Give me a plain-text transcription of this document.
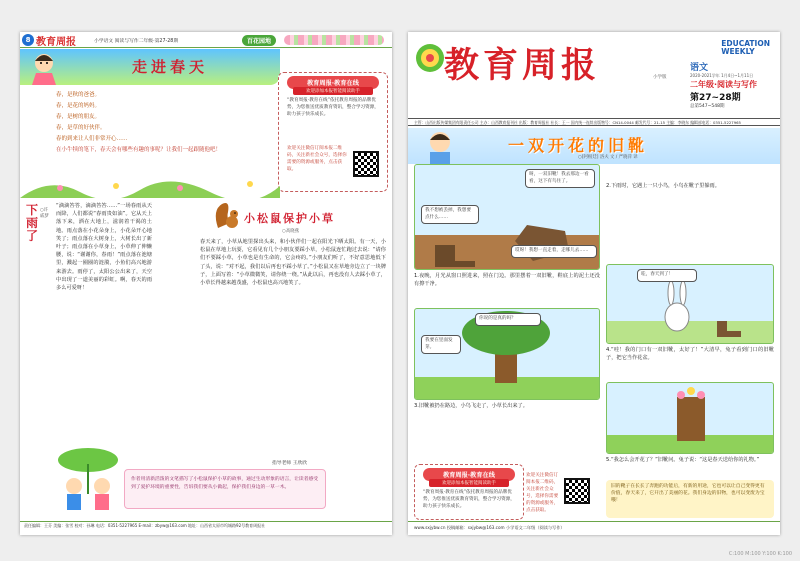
8 教育周报	小学语文 阅读与写作二年级·第27-28期	百花园地
走进春天
春，是秋的爸爸。
春，是花的妈妈。
春，是树的朋友。
春，是草的好伙伴。
春的到来让人们非常开心……
在小牛犊的笔下，春天会有哪些有趣的事呢？让我们一起跟随他吧！
教育周报·教育在线
欢迎添加本报智能阅读助手
“教育周报·教育在线”依托教育周报的品牌优势，为您推送优质教育资讯，整合学习资源，助力孩子快乐成长。
欢迎关注微信订阅本报二维码，关注新社会众号，选择你需要的资源或服务，点击获取。
下雨了
○许戚梦
“滴滴答答，滴滴答答……”一场春雨从天而降，人们都说“春雨贵如油”。它从天上落下来，洒在大地上，滋润着干渴的土地。雨点落在小花朵身上，小花朵开心地笑了；雨点落在大树身上，大树长出了新叶子；雨点落在小草身上，小草伸了伸懒腰，说：“谢谢你，春雨！”雨点落在池塘里，溅起一圈圈的涟漪，小鱼们高兴地游来游去。雨停了，太阳公公出来了，天空中出现了一道美丽的彩虹。啊，春天的雨多么可爱呀！
小松鼠保护小草
○高晓燕
春天来了，小草从地里探出头来，和小伙伴们一起在阳光下晒太阳。有一天，小松鼠在草地上玩耍，它看见有几个小朋友要踩小草，小松鼠连忙跑过去说：“请你们不要踩小草，小草也是有生命的，它会疼的。”小朋友们听了，不好意思地低下了头，说：“对不起，我们以后再也不踩小草了。”小松鼠又在草地旁边立了一块牌子，上面写着：“小草微微笑，请你绕一绕。”从此以后，再也没有人去踩小草了，小草长得越来越茂盛，小松鼠也高兴地笑了。
作者用清新活泼的文笔描写了小松鼠保护小草的故事，通过生动形象的语言，让读者感受到了爱护环境的重要性，告诉我们要从小做起，保护我们身边的一草一木。
指导老师 王欣欣
责任编辑：王芬 美编：张雪 校对：孙琳 电话：0351-5227965 E-mail：zbyw@163.com 地址：山西省太原市坞城路92号教育周报社
教育周报	小学版
EDUCATION
WEEKLY
语文
2020-2021学年 1月4日~1月11日
二年级·阅读与写作
第27~28期
总第547~548期
主管：山西出版传媒集团有限责任公司 主办：山西教育报刊社 出版：教育周报社 社长：王一 国内统一连续出版物号：CN14-0044 邮发代号：21-15 主编：李晓东 编辑部电话：0351-5227965
一双开花的旧靴
○[阿根廷] 洛夫 文 / 严晓萍 译
呀，一双旧靴！我去那边一看看，这下有鸟住了。
我不想被丢掉，我想要点什么……
哎呀！我想一直走着，走哪儿去……
1.夜晚，月光从窗口照进来，照在门边。那里摆着一双旧靴，鞋底上的泥土还没有擦干净。
2.下雨时，它遇上一只小鸟，小鸟在靴子里躲雨。
我要在里面发芽。
你说的是真的吗？
3.旧靴被扔在路边，小鸟飞走了，小草长出来了。
哇，春天到了！
4.“哇！我的门口有一双旧靴，太好了！”大清早，兔子看到门口的旧靴子，把它当作花盆。
5.“我怎么会开花了？”旧靴问。兔子说：“这是春天送给你的礼物。”
教育周报·教育在线
欢迎添加本报智能阅读助手
“教育周报·教育在线”依托教育周报的品牌优势，为您推送优质教育资讯，整合学习资源，助力孩子快乐成长。
欢迎关注微信订阅本报二维码，关注新社会众号，选择你需要的资源或服务，点击获取。
旧的靴子在长长了奔跑的功能后，有新的用途，它也可以让自己变得更有价值，春天来了，它开出了美丽的花。我们身边的旧物，也可以变废为宝哦！
www.sxjybw.cn 投稿邮箱：sxjybw@163.com 小学语文二年级（阅读与写作）
C:100 M:100 Y:100 K:100
